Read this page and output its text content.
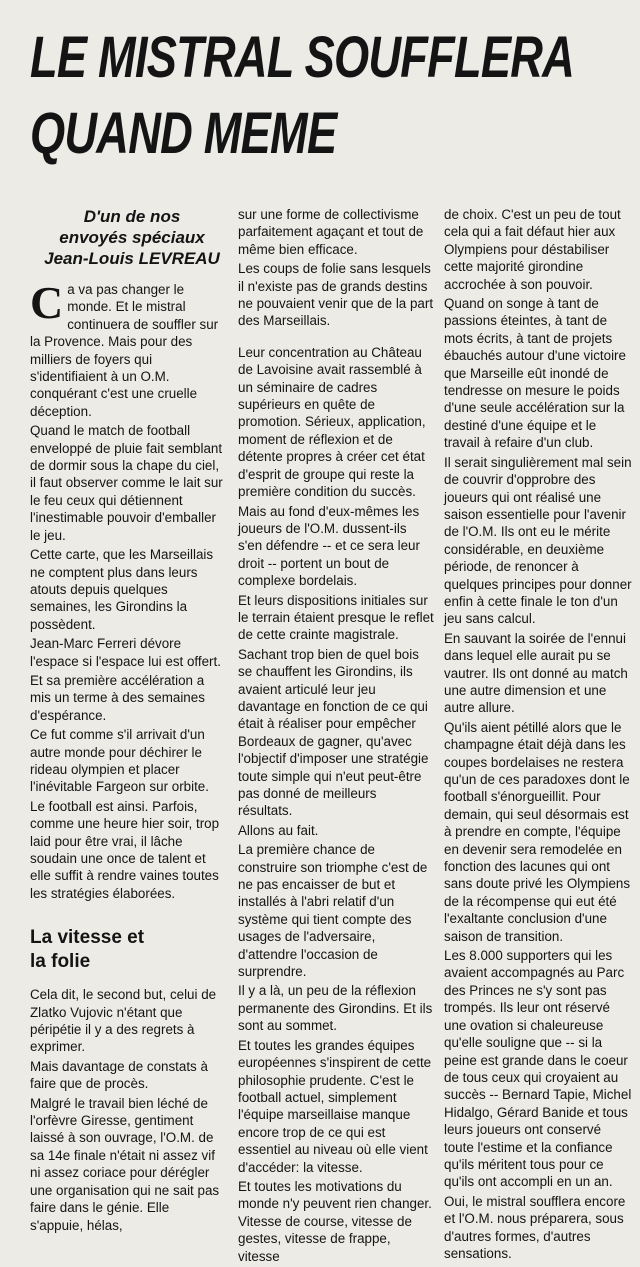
LE MISTRAL SOUFFLERA
QUAND MEME
D'un de nos
envoyés spéciaux
Jean-Louis LEVREAU

Ca va pas changer le monde. Et le mistral continuera de souffler sur la Provence. Mais pour des milliers de foyers qui s'identifiaient à un O.M. conquérant c'est une cruelle déception.

Quand le match de football enveloppé de pluie fait semblant de dormir sous la chape du ciel, il faut observer comme le lait sur le feu ceux qui détiennent l'inestimable pouvoir d'emballer le jeu.

Cette carte, que les Marseillais ne comptent plus dans leurs atouts depuis quelques semaines, les Girondins la possèdent.

Jean-Marc Ferreri dévore l'espace si l'espace lui est offert.

Et sa première accélération a mis un terme à des semaines d'espérance.

Ce fut comme s'il arrivait d'un autre monde pour déchirer le rideau olympien et placer l'inévitable Fargeon sur orbite.

Le football est ainsi. Parfois, comme une heure hier soir, trop laid pour être vrai, il lâche soudain une once de talent et elle suffit à rendre vaines toutes les stratégies élaborées.

La vitesse et
la folie

Cela dit, le second but, celui de Zlatko Vujovic n'étant que péripétie il y a des regrets à exprimer.

Mais davantage de constats à faire que de procès.

Malgré le travail bien léché de l'orfèvre Giresse, gentiment laissé à son ouvrage, l'O.M. de sa 14e finale n'était ni assez vif ni assez coriace pour dérégler une organisation qui ne sait pas faire dans le génie. Elle s'appuie, hélas,

sur une forme de collectivisme parfaitement agaçant et tout de même bien efficace.

Les coups de folie sans lesquels il n'existe pas de grands destins ne pouvaient venir que de la part des Marseillais.

Leur concentration au Château de Lavoisine avait rassemblé à un séminaire de cadres supérieurs en quête de promotion. Sérieux, application, moment de réflexion et de détente propres à créer cet état d'esprit de groupe qui reste la première condition du succès.

Mais au fond d'eux-mêmes les joueurs de l'O.M. dussent-ils s'en défendre -- et ce sera leur droit -- portent un bout de complexe bordelais.

Et leurs dispositions initiales sur le terrain étaient presque le reflet de cette crainte magistrale.

Sachant trop bien de quel bois se chauffent les Girondins, ils avaient articulé leur jeu davantage en fonction de ce qui était à réaliser pour empêcher Bordeaux de gagner, qu'avec l'objectif d'imposer une stratégie toute simple qui n'eut peut-être pas donné de meilleurs résultats.

Allons au fait.

La première chance de construire son triomphe c'est de ne pas encaisser de but et installés à l'abri relatif d'un système qui tient compte des usages de l'adversaire, d'attendre l'occasion de surprendre.

Il y a là, un peu de la réflexion permanente des Girondins. Et ils sont au sommet.

Et toutes les grandes équipes européennes s'inspirent de cette philosophie prudente. C'est le football actuel, simplement l'équipe marseillaise manque encore trop de ce qui est essentiel au niveau où elle vient d'accéder: la vitesse.

Et toutes les motivations du monde n'y peuvent rien changer. Vitesse de course, vitesse de gestes, vitesse de frappe, vitesse

de choix. C'est un peu de tout cela qui a fait défaut hier aux Olympiens pour déstabiliser cette majorité girondine accrochée à son pouvoir.

Quand on songe à tant de passions éteintes, à tant de mots écrits, à tant de projets ébauchés autour d'une victoire que Marseille eût inondé de tendresse on mesure le poids d'une seule accélération sur la destiné d'une équipe et le travail à refaire d'un club.

Il serait singulièrement mal sein de couvrir d'opprobre des joueurs qui ont réalisé une saison essentielle pour l'avenir de l'O.M. Ils ont eu le mérite considérable, en deuxième période, de renoncer à quelques principes pour donner enfin à cette finale le ton d'un jeu sans calcul.

En sauvant la soirée de l'ennui dans lequel elle aurait pu se vautrer. Ils ont donné au match une autre dimension et une autre allure.

Qu'ils aient pétillé alors que le champagne était déjà dans les coupes bordelaises ne restera qu'un de ces paradoxes dont le football s'énorgueillit. Pour demain, qui seul désormais est à prendre en compte, l'équipe en devenir sera remodelée en fonction des lacunes qui ont sans doute privé les Olympiens de la récompense qui eut été l'exaltante conclusion d'une saison de transition.

Les 8.000 supporters qui les avaient accompagnés au Parc des Princes ne s'y sont pas trompés. Ils leur ont réservé une ovation si chaleureuse qu'elle souligne que -- si la peine est grande dans le coeur de tous ceux qui croyaient au succès -- Bernard Tapie, Michel Hidalgo, Gérard Banide et tous leurs joueurs ont conservé toute l'estime et la confiance qu'ils méritent tous pour ce qu'ils ont accompli en un an.

Oui, le mistral soufflera encore et l'O.M. nous préparera, sous d'autres formes, d'autres sensations.
